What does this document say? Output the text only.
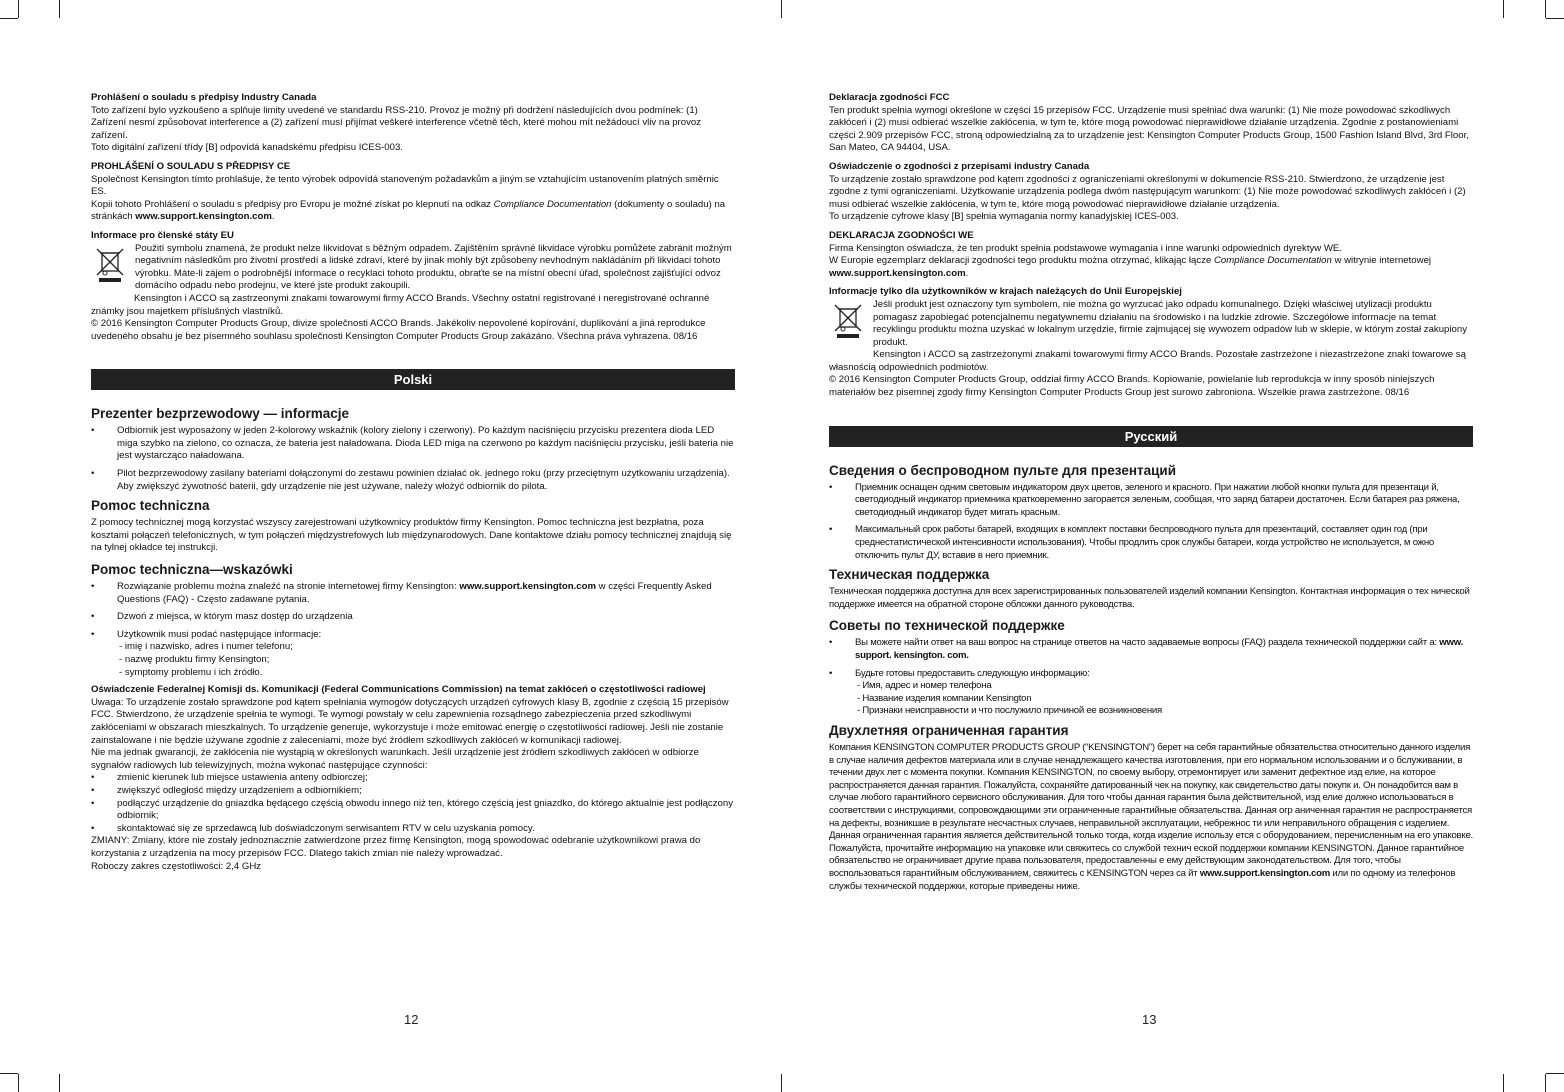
Prohlášení o souladu s předpisy Industry Canada

Toto zařízení bylo vyzkoušeno a splňuje limity uvedené ve standardu RSS-210. Provoz je možný při dodržení následujících dvou podmínek: (1) Zařízení nesmí způsobovat interference a (2) zařízení musí přijímat veškeré interference včetně těch, které mohou mít nežádoucí vliv na provoz zařízení.

Toto digitální zařízení třídy [B] odpovídá kanadskému předpisu ICES-003.

PROHLÁŠENÍ O SOULADU S PŘEDPISY CE

Společnost Kensington tímto prohlašuje, že tento výrobek odpovídá stanoveným požadavkům a jiným se vztahujícím ustanovením platných směrnic ES.

Kopii tohoto Prohlášení o souladu s předpisy pro Evropu je možné získat po klepnutí na odkaz Compliance Documentation (dokumenty o souladu) na stránkách www.support.kensington.com.

Informace pro členské státy EU

Použití symbolu znamená, že produkt nelze likvidovat s běžným odpadem. Zajištěním správné likvidace výrobku pomůžete zabránit možným negativním následkům pro životní prostředí a lidské zdraví, které by jinak mohly být způsobeny nevhodným nakládáním při likvidaci tohoto výrobku. Máte-li zájem o podrobnější informace o recyklaci tohoto produktu, obraťte se na místní obecní úřad, společnost zajišťující odvoz domácího odpadu nebo prodejnu, ve které jste produkt zakoupili.

Kensington i ACCO są zastrzeonymi znakami towarowymi firmy ACCO Brands. Všechny ostatní registrované i neregistrované ochranné známky jsou majetkem příslušných vlastníků.

© 2016 Kensington Computer Products Group, divize společnosti ACCO Brands. Jakékoliv nepovolené kopírování, duplikování a jiná reprodukce uvedeného obsahu je bez písemného souhlasu společnosti Kensington Computer Products Group zakázáno. Všechna práva vyhrazena. 08/16

Polski

Prezenter bezprzewodowy — informacje

• Odbiornik jest wyposażony w jeden 2-kolorowy wskaźnik (kolory zielony i czerwony). Po każdym naciśnięciu przycisku prezentera dioda LED miga szybko na zielono, co oznacza, że bateria jest naładowana. Dioda LED miga na czerwono po każdym naciśnięciu przycisku, jeśli bateria nie jest wystarcząco naładowana.
• Pilot bezprzewodowy zasilany bateriami dołączonymi do zestawu powinien działać ok. jednego roku (przy przeciętnym użytkowaniu urządzenia). Aby zwiększyć żywotność baterii, gdy urządzenie nie jest używane, należy włożyć odbiornik do pilota.

Pomoc techniczna

Z pomocy technicznej mogą korzystać wszyscy zarejestrowani użytkownicy produktów firmy Kensington. Pomoc techniczna jest bezpłatna, poza kosztami połączeń telefonicznych, w tym połączeń międzystrefowych lub międzynarodowych. Dane kontaktowe działu pomocy technicznej znajdują się na tylnej okładce tej instrukcji.

Pomoc techniczna—wskazówki

• Rozwiązanie problemu można znaleźć na stronie internetowej firmy Kensington: www.support.kensington.com w części Frequently Asked Questions (FAQ) - Często zadawane pytania.
• Dzwoń z miejsca, w którym masz dostęp do urządzenia
• Użytkownik musi podać następujące informacje:
- imię i nazwisko, adres i numer telefonu;
- nazwę produktu firmy Kensington;
- symptomy problemu i ich źródło.

Oświadczenie Federalnej Komisji ds. Komunikacji (Federal Communications Commission) na temat zakłóceń o częstotliwości radiowej

Uwaga: To urządzenie zostało sprawdzone pod kątem spełniania wymogów dotyczących urządzeń cyfrowych klasy B, zgodnie z częścią 15 przepisów FCC. Stwierdzono, że urządzenie spełnia te wymogi. Te wymogi powstały w celu zapewnienia rozsądnego zabezpieczenia przed szkodliwymi zakłóceniami w obszarach mieszkalnych. To urządzenie generuje, wykorzystuje i może emitować energię o częstotliwości radiowej. Jeśli nie zostanie zainstalowane i nie będzie używane zgodnie z zaleceniami, może być źródłem szkodliwych zakłóceń w komunikacji radiowej.

Nie ma jednak gwarancji, że zakłócenia nie wystąpią w określonych warunkach. Jeśli urządzenie jest źródłem szkodliwych zakłóceń w odbiorze sygnałów radiowych lub telewizyjnych, można wykonać następujące czynności:

• zmienić kierunek lub miejsce ustawienia anteny odbiorczej;
• zwiększyć odległość między urządzeniem a odbiornikiem;
• podłączyć urządzenie do gniazdka będącego częścią obwodu innego niż ten, którego częścią jest gniazdko, do którego aktualnie jest podłączony odbiornik;
• skontaktować się ze sprzedawcą lub doświadczonym serwisantem RTV w celu uzyskania pomocy.

ZMIANY: Zmiany, które nie zostały jednoznacznie zatwierdzone przez firmę Kensington, mogą spowodować odebranie użytkownikowi prawa do korzystania z urządzenia na mocy przepisów FCC. Dlatego takich zmian nie należy wprowadzać.

Roboczy zakres częstotliwości: 2,4 GHz

12

Deklaracja zgodności FCC

Ten produkt spełnia wymogi określone w części 15 przepisów FCC. Urządzenie musi spełniać dwa warunki: (1) Nie może powodować szkodliwych zakłóceń i (2) musi odbierać wszelkie zakłócenia, w tym te, które mogą powodować nieprawidłowe działanie urządzenia. Zgodnie z postanowieniami części 2.909 przepisów FCC, stroną odpowiedzialną za to urządzenie jest: Kensington Computer Products Group, 1500 Fashion Island Blvd, 3rd Floor, San Mateo, CA 94404, USA.

Oświadczenie o zgodności z przepisami industry Canada

To urządzenie zostało sprawdzone pod kątem zgodności z ograniczeniami określonymi w dokumencie RSS-210. Stwierdzono, że urządzenie jest zgodne z tymi ograniczeniami. Użytkowanie urządzenia podlega dwóm następującym warunkom: (1) Nie może powodować szkodliwych zakłóceń i (2) musi odbierać wszelkie zakłócenia, w tym te, które mogą powodować nieprawidłowe działanie urządzenia.

To urządzenie cyfrowe klasy [B] spełnia wymagania normy kanadyjskiej ICES-003.

DEKLARACJA ZGODNOŚCI WE

Firma Kensington oświadcza, że ten produkt spełnia podstawowe wymagania i inne warunki odpowiednich dyrektyw WE.

W Europie egzemplarz deklaracji zgodności tego produktu można otrzymać, klikając łącze Compliance Documentation w witrynie internetowej www.support.kensington.com.

Informacje tylko dla użytkowników w krajach należących do Unii Europejskiej

Jeśli produkt jest oznaczony tym symbolem, nie można go wyrzucać jako odpadu komunalnego. Dzięki właściwej utylizacji produktu pomagasz zapobiegać potencjalnemu negatywnemu działaniu na środowisko i na ludzkie zdrowie. Szczegółowe informacje na temat recyklingu produktu można uzyskać w lokalnym urzędzie, firmie zajmującej się wywozem odpadów lub w sklepie, w którym został zakupiony produkt.

Kensington i ACCO są zastrzeżonymi znakami towarowymi firmy ACCO Brands. Pozostałe zastrzeżone i niezastrzeżone znaki towarowe są własnością odpowiednich podmiotów.

© 2016 Kensington Computer Products Group, oddział firmy ACCO Brands. Kopiowanie, powielanie lub reprodukcja w inny sposób niniejszych materiałów bez pisemnej zgody firmy Kensington Computer Products Group jest surowo zabroniona. Wszelkie prawa zastrzeżone. 08/16

Русский

Сведения о беспроводном пульте для презентаций

• Приемник оснащен одним световым индикатором двух цветов, зеленого и красного. При нажатии любой кнопки пульта для презентаци й, светодиодный индикатор приемника кратковременно загорается зеленым, сообщая, что заряд батареи достаточен. Если батарея раз ряжена, светодиодный индикатор будет мигать красным.
• Максимальный срок работы батарей, входящих в комплект поставки беспроводного пульта для презентаций, составляет один год (при среднестатистической интенсивности использования). Чтобы продлить срок службы батареи, когда устройство не используется, м ожно отключить пульт ДУ, вставив в него приемник.

Техническая поддержка

Техническая поддержка доступна для всех зарегистрированных пользователей изделий компании Kensington. Контактная информация о тех нической поддержке имеется на обратной стороне обложки данного руководства.

Советы по технической поддержке

• Вы можете найти ответ на ваш вопрос на странице ответов на часто задаваемые вопросы (FAQ) раздела технической поддержки сайт а: www. support. kensington. com.
• Будьте готовы предоставить следующую информацию:
- Имя, адрес и номер телефона
- Название изделия компании Kensington
- Признаки неисправности и что послужило причиной ее возникновения

Двухлетняя ограниченная гарантия

Компания KENSINGTON COMPUTER PRODUCTS GROUP (“KENSINGTON”) берет на себя гарантийные обязательства относительно данного изделия в случае наличия дефектов материала или в случае ненадлежащего качества изготовления, при его нормальном использовании и о бслуживании, в течении двух лет с момента покупки. Компания KENSINGTON, по своему выбору, отремонтирует или заменит дефектное изд елие, на которое распространяется данная гарантия. Пожалуйста, сохраняйте датированный чек на покупку, как свидетельство даты покупк и. Он понадобится вам в случае любого гарантийного сервисного обслуживания. Для того чтобы данная гарантия была действительной, изд елие должно использоваться в соответствии с инструкциями, сопровождающими эти ограниченные гарантийные обязательства. Данная огр аниченная гарантия не распространяется на дефекты, возникшие в результате несчастных случаев, неправильной эксплуатации, небрежнос ти или неправильного обращения с изделием. Данная ограниченная гарантия является действительной только тогда, когда изделие использу ется с оборудованием, перечисленным на его упаковке. Пожалуйста, прочитайте информацию на упаковке или свяжитесь со службой технич еской поддержки компании KENSINGTON. Данное гарантийное обязательство не ограничивает другие права пользователя, предоставленны е ему действующим законодательством. Для того, чтобы воспользоваться гарантийным обслуживанием, свяжитесь с KENSINGTON через са йт www.support.kensington.com или по одному из телефонов службы технической поддержки, которые приведены ниже.

13
